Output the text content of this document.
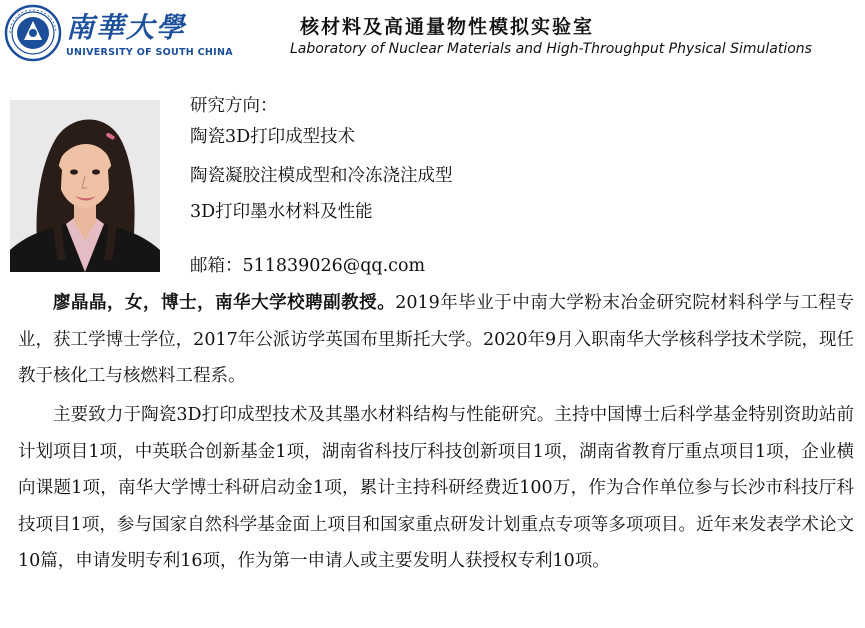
南華大學
UNIVERSITY OF SOUTH CHINA
核材料及高通量物性模拟实验室
Laboratory of Nuclear Materials and High-Throughput Physical Simulations
研究方向：
陶瓷3D打印成型技术
陶瓷凝胶注模成型和冷冻浇注成型
3D打印墨水材料及性能
邮箱：511839026@qq.com
廖晶晶，女，博士，南华大学校聘副教授。2019年毕业于中南大学粉末冶金研究院材料科学与工程专业，获工学博士学位，2017年公派访学英国布里斯托大学。2020年9月入职南华大学核科学技术学院，现任教于核化工与核燃料工程系。
主要致力于陶瓷3D打印成型技术及其墨水材料结构与性能研究。主持中国博士后科学基金特别资助站前计划项目1项，中英联合创新基金1项，湖南省科技厅科技创新项目1项，湖南省教育厅重点项目1项，企业横向课题1项，南华大学博士科研启动金1项，累计主持科研经费近100万，作为合作单位参与长沙市科技厅科技项目1项，参与国家自然科学基金面上项目和国家重点研发计划重点专项等多项项目。近年来发表学术论文10篇，申请发明专利16项，作为第一申请人或主要发明人获授权专利10项。
